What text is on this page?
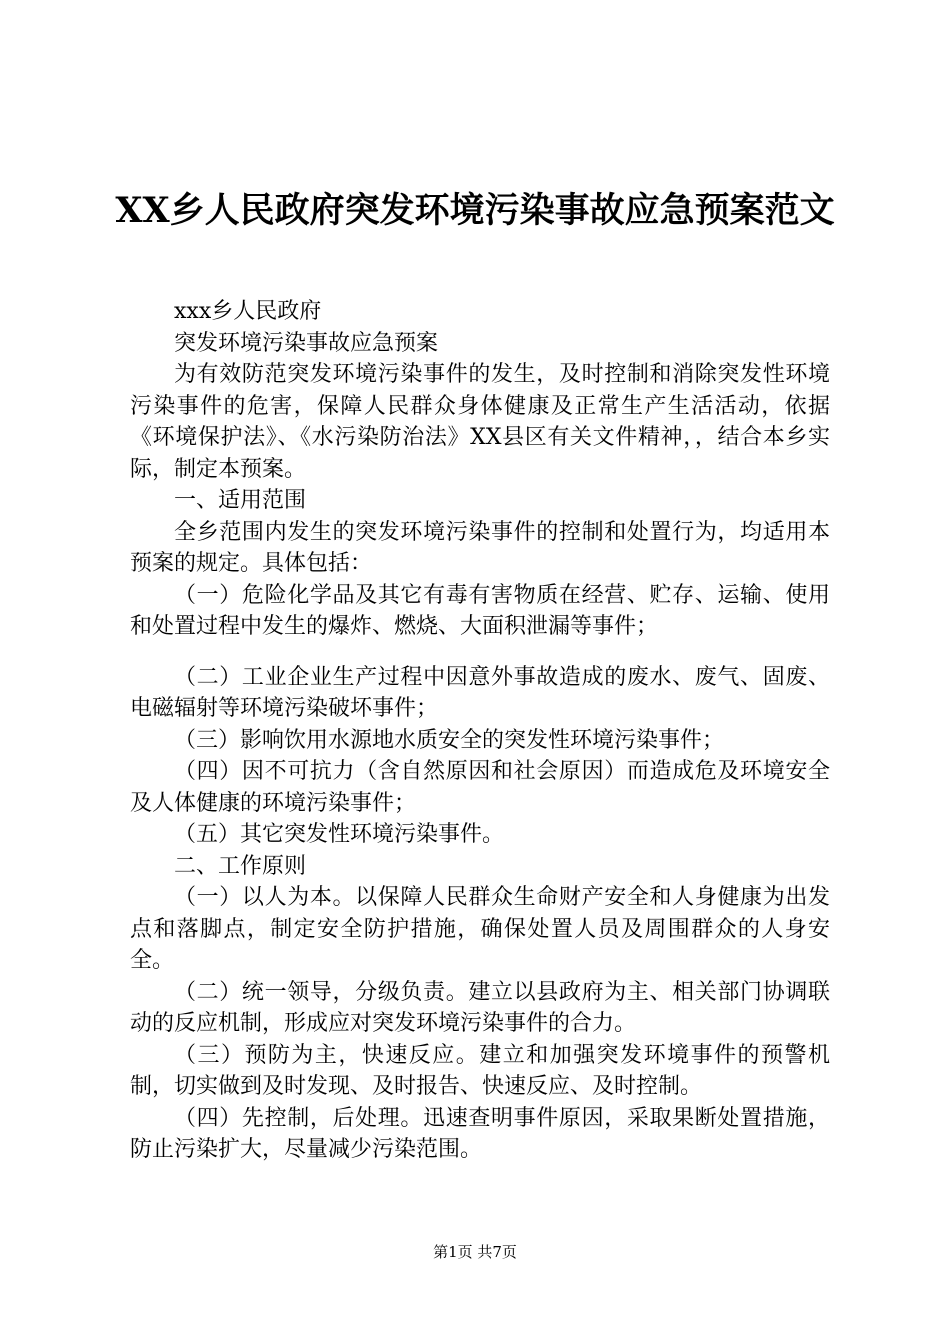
XX乡人民政府突发环境污染事故应急预案范文

xxx乡人民政府

突发环境污染事故应急预案

为有效防范突发环境污染事件的发生，及时控制和消除突发性环境污染事件的危害，保障人民群众身体健康及正常生产生活活动，依据《环境保护法》、《水污染防治法》XX县区有关文件精神，，结合本乡实际，制定本预案。

一、适用范围

全乡范围内发生的突发环境污染事件的控制和处置行为，均适用本预案的规定。具体包括：

（一）危险化学品及其它有毒有害物质在经营、贮存、运输、使用和处置过程中发生的爆炸、燃烧、大面积泄漏等事件；

（二）工业企业生产过程中因意外事故造成的废水、废气、固废、电磁辐射等环境污染破坏事件；

（三）影响饮用水源地水质安全的突发性环境污染事件；

（四）因不可抗力（含自然原因和社会原因）而造成危及环境安全及人体健康的环境污染事件；

（五）其它突发性环境污染事件。

二、工作原则

（一）以人为本。以保障人民群众生命财产安全和人身健康为出发点和落脚点，制定安全防护措施，确保处置人员及周围群众的人身安全。

（二）统一领导，分级负责。建立以县政府为主、相关部门协调联动的反应机制，形成应对突发环境污染事件的合力。

（三）预防为主，快速反应。建立和加强突发环境事件的预警机制，切实做到及时发现、及时报告、快速反应、及时控制。

（四）先控制，后处理。迅速查明事件原因，采取果断处置措施，防止污染扩大，尽量减少污染范围。

第1页 共7页
